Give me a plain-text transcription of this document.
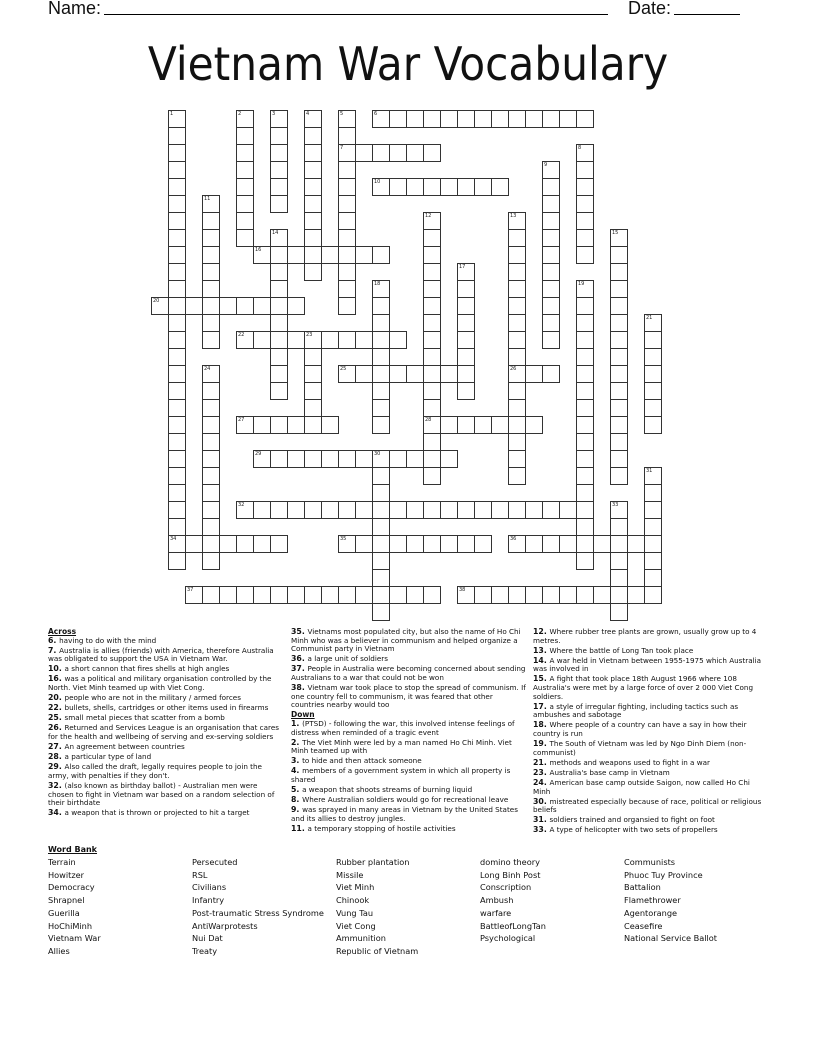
Name:	Date:
Vietnam War Vocabulary
1
34
2	3	4	5
7
6
8
9
10
11
12
28
13
26
14	15
16
17
18	19
20
21
22	23
24	25
27
29	30
31
32	33
35	36
37	38
Across
6. having to do with the mind
7. Australia is allies (friends) with America, therefore Australia was obligated to support the USA in Vietnam War.
10. a short cannon that fires shells at high angles
16. was a political and military organisation controlled by the North. Viet Minh teamed up with Viet Cong.
20. people who are not in the military / armed forces
22. bullets, shells, cartridges or other items used in firearms
25. small metal pieces that scatter from a bomb
26. Returned and Services League is an organisation that cares for the health and wellbeing of serving and ex-serving soldiers
27. An agreement between countries
28. a particular type of land
29. Also called the draft, legally requires people to join the army, with penalties if they don't.
32. (also known as birthday ballot) - Australian men were chosen to fight in Vietnam war based on a random selection of their birthdate
34. a weapon that is thrown or projected to hit a target
35. Vietnams most populated city, but also the name of Ho Chi Minh who was a believer in communism and helped organize a Communist party in Vietnam
36. a large unit of soldiers
37. People in Australia were becoming concerned about sending Australians to a war that could not be won
38. Vietnam war took place to stop the spread of communism. If one country fell to communism, it was feared that other countries nearby would too
Down
1. (PTSD) - following the war, this involved intense feelings of distress when reminded of a tragic event
2. The Viet Minh were led by a man named Ho Chi Minh. Viet Minh teamed up with
3. to hide and then attack someone
4. members of a government system in which all property is shared
5. a weapon that shoots streams of burning liquid
8. Where Australian soldiers would go for recreational leave
9. was sprayed in many areas in Vietnam by the United States and its allies to destroy jungles.
11. a temporary stopping of hostile activities
12. Where rubber tree plants are grown, usually grow up to 4 metres.
13. Where the battle of Long Tan took place
14. A war held in Vietnam between 1955-1975 which Australia was involved in
15. A fight that took place 18th August 1966 where 108 Australia's were met by a large force of over 2 000 Viet Cong soldiers.
17. a style of irregular fighting, including tactics such as ambushes and sabotage
18. Where people of a country can have a say in how their country is run
19. The South of Vietnam was led by Ngo Dinh Diem (non-communist)
21. methods and weapons used to fight in a war
23. Australia's base camp in Vietnam
24. American base camp outside Saigon, now called Ho Chi Minh
30. mistreated especially because of race, political or religious beliefs
31. soldiers trained and organsied to fight on foot
33. A type of helicopter with two sets of propellers
Word Bank
Terrain
Howitzer
Democracy
Shrapnel
Guerilla
HoChiMinh
Vietnam War
Allies
Persecuted
RSL
Civilians
Infantry
Post-traumatic Stress Syndrome
AntiWarprotests
Nui Dat
Treaty
Rubber plantation
Missile
Viet Minh
Chinook
Vung Tau
Viet Cong
Ammunition
Republic of Vietnam
domino theory
Long Binh Post
Conscription
Ambush
warfare
BattleofLongTan
Psychological
Communists
Phuoc Tuy Province
Battalion
Flamethrower
Agentorange
Ceasefire
National Service Ballot
